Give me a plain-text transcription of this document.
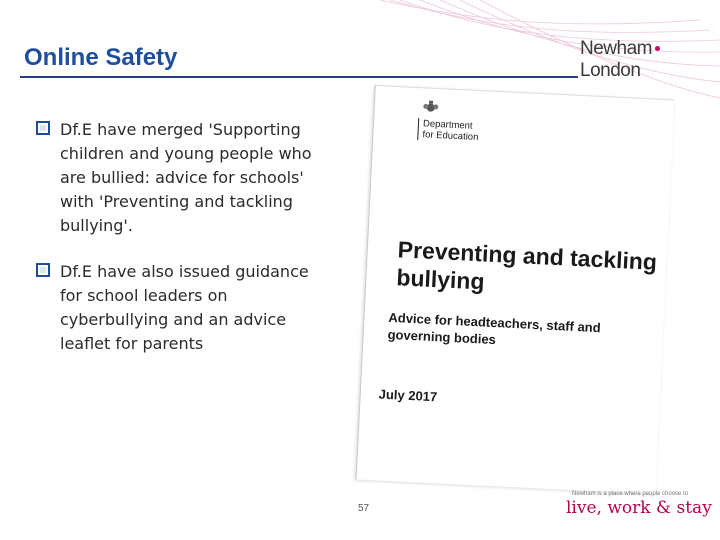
Online Safety	NewhamLondon
Df.E have merged 'Supporting children and young people who are bullied: advice for schools' with 'Preventing and tackling bullying'.
Df.E have also issued guidance for school leaders on cyberbullying and an advice leaflet for parents
Department
for Education
Preventing and tackling bullying
Advice for headteachers, staff and governing bodies
July 2017
57
Newham is a place where people choose to
live, work & stay
